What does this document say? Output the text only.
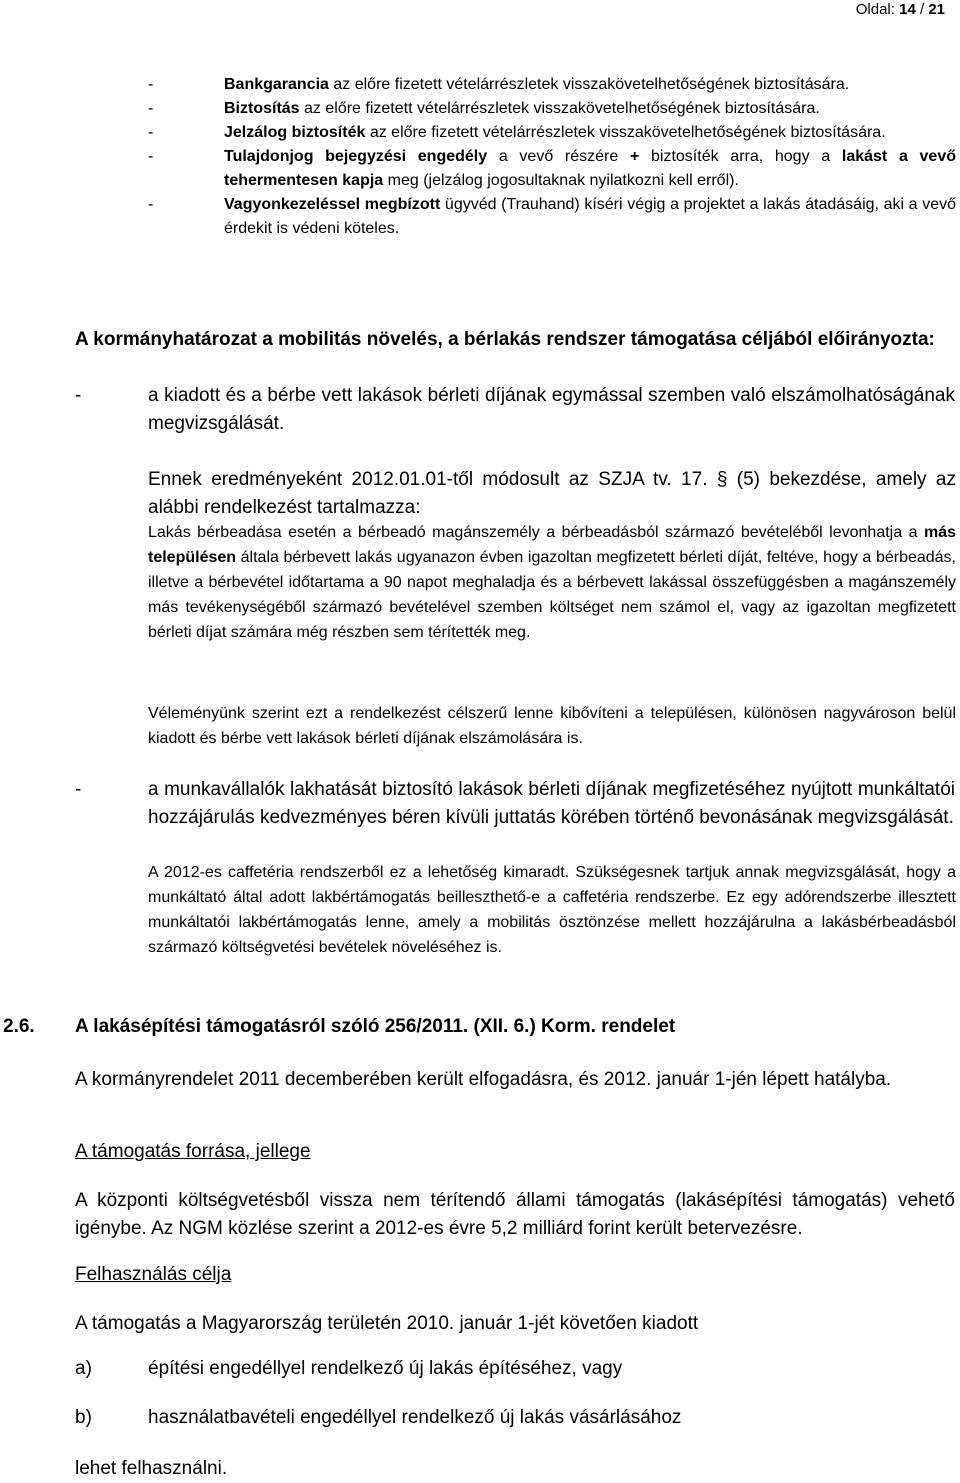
Oldal: 14 / 21
-	Bankgarancia az előre fizetett vételárrészletek visszakövetelhetőségének biztosítására.
-	Biztosítás az előre fizetett vételárrészletek visszakövetelhetőségének biztosítására.
-	Jelzálog biztosíték az előre fizetett vételárrészletek visszakövetelhetőségének biztosítására.
-	Tulajdonjog bejegyzési engedély a vevő részére + biztosíték arra, hogy a lakást a vevő tehermentesen kapja meg (jelzálog jogosultaknak nyilatkozni kell erről).
-	Vagyonkezeléssel megbízott ügyvéd (Trauhand) kíséri végig a projektet a lakás átadásáig, aki a vevő érdekit is védeni köteles.
A kormányhatározat a mobilitás növelés, a bérlakás rendszer támogatása céljából előirányozta:
-	a kiadott és a bérbe vett lakások bérleti díjának egymással szemben való elszámolhatóságának megvizsgálását.
Ennek eredményeként 2012.01.01-től módosult az SZJA tv. 17. § (5) bekezdése, amely az alábbi rendelkezést tartalmazza:
Lakás bérbeadása esetén a bérbeadó magánszemély a bérbeadásból származó bevételéből levonhatja a más településen általa bérbevett lakás ugyanazon évben igazoltan megfizetett bérleti díját, feltéve, hogy a bérbeadás, illetve a bérbevétel időtartama a 90 napot meghaladja és a bérbevett lakással összefüggésben a magánszemély más tevékenységéből származó bevételével szemben költséget nem számol el, vagy az igazoltan megfizetett bérleti díjat számára még részben sem térítették meg.
Véleményünk szerint ezt a rendelkezést célszerű lenne kibővíteni a településen, különösen nagyvároson belül kiadott és bérbe vett lakások bérleti díjának elszámolására is.
-	a munkavállalók lakhatását biztosító lakások bérleti díjának megfizetéséhez nyújtott munkáltatói hozzájárulás kedvezményes béren kívüli juttatás körében történő bevonásának megvizsgálását.
A 2012-es caffetéria rendszerből ez a lehetőség kimaradt. Szükségesnek tartjuk annak megvizsgálását, hogy a munkáltató által adott lakbértámogatás beilleszthető-e a caffetéria rendszerbe. Ez egy adórendszerbe illesztett munkáltatói lakbértámogatás lenne, amely a mobilitás ösztönzése mellett hozzájárulna a lakásbérbeadásból származó költségvetési bevételek növeléséhez is.
2.6. A lakásépítési támogatásról szóló 256/2011. (XII. 6.) Korm. rendelet
A kormányrendelet 2011 decemberében került elfogadásra, és 2012. január 1-jén lépett hatályba.
A támogatás forrása, jellege
A központi költségvetésből vissza nem térítendő állami támogatás (lakásépítési támogatás) vehető igénybe. Az NGM közlése szerint a 2012-es évre 5,2 milliárd forint került betervezésre.
Felhasználás célja
A támogatás a Magyarország területén 2010. január 1-jét követően kiadott
a)	építési engedéllyel rendelkező új lakás építéséhez, vagy
b)	használatbavételi engedéllyel rendelkező új lakás vásárlásához
lehet felhasználni.
